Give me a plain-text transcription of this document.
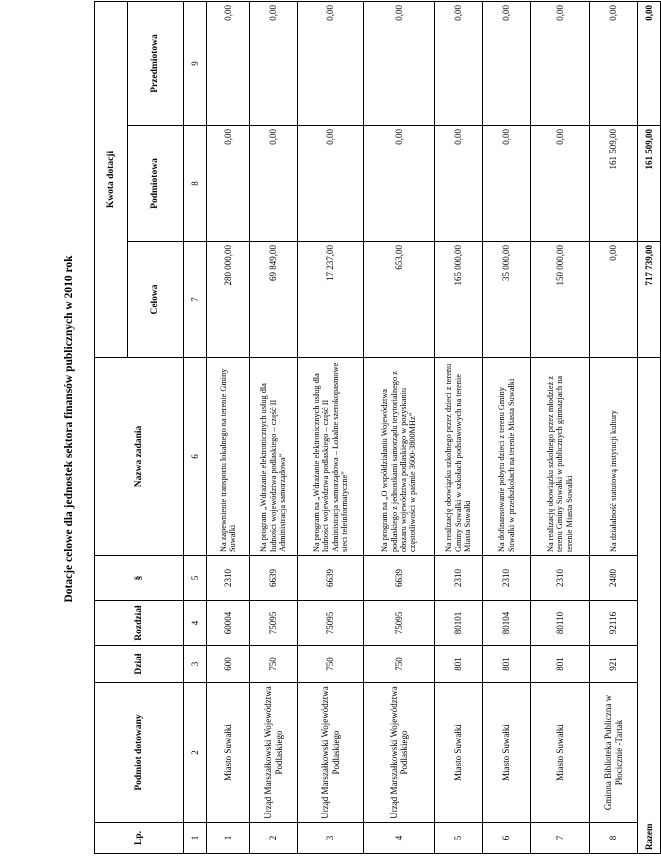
Dotacje celowe dla jednostek sektora finansów publicznych w 2010 rok
Lp.	Podmiot dotowany	Dział	Rozdział	§	Nazwa zadania	Kwota dotacji		
						Celowa	Podmiotowa	Przedmiotowa
1	2	3	4	5	6	7	8	9
1	Miasto Suwałki	600	60004	2310	Na zapewnienie transportu lokalnego na terenie Gminy Suwałki	280 000,00	0,00	0,00
2	Urząd Marszałkowski Województwa Podlaskiego	750	75095	6639	Na program „Wdrażanie elektronicznych usług dla ludności województwa podlaskiego – część II Administracja samorządowa”	69 849,00	0,00	0,00
3	Urząd Marszałkowski Województwa Podlaskiego	750	75095	6639	Na program na „Wdrażanie elektronicznych usług dla ludności województwa podlaskiego – część II Administracja samorządowa – Lokalne szerokopasmowe sieci teleinformatyczne”	17 237,00	0,00	0,00
4	Urząd Marszałkowski Województwa Podlaskiego	750	75095	6639	Na program na „O współdziałaniu Województwa podlaskiego z jednostkami samorządu terytorialnego z obszaru województwa podlaskiego w pozyskaniu częstotliwości w paśmie 3600-3800MHz”	653,00	0,00	0,00
5	Miasto Suwałki	801	80101	2310	Na realizację obowiązku szkolnego przez dzieci z terenu Gminy Suwałki w szkołach podstawowych na terenie Miasta Suwałki	165 000,00	0,00	0,00
6	Miasto Suwałki	801	80104	2310	Na dofinansowanie pobytu dzieci z terenu Gminy Suwałki w przedszkolach na terenie Miasta Suwałki	35 000,00	0,00	0,00
7	Miasto Suwałki	801	80110	2310	Na realizację obowiązku szkolnego przez młodzież z terenu Gminy Suwałki w publicznych gimnazjach na terenie Miasta Suwałki	150 000,00	0,00	0,00
8	Gminna Biblioteka Publiczna w Płocicznie -Tartak	921	92116	2480	Na działalność statutową instytucji kultury	0,00	161 509,00	0,00
Razem						717 739,00	161 509,00	0,00
